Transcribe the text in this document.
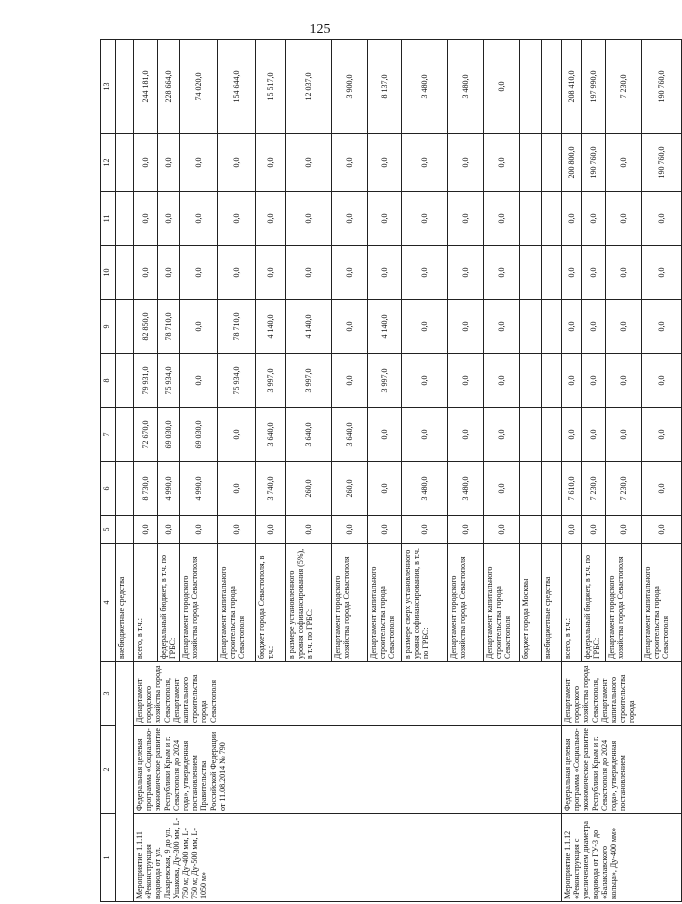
125
1	2	3	4	5	6	7	8	9	10	11	12	13
			внебюджетные средства									
Мероприятие 1.1.11 «Реконструкция водовода от ул. Лазаревская, 9 до ул. Ушакова, Ду-300 мм, L-750 м; Ду-400 мм, L-750 м; Ду-500 мм, L-1050 м»	Федеральная целевая программа «Социально-экономическое развитие Республики Крым и г. Севастополя до 2024 года», утвержденная постановлением Правительства Российской Федерации от 11.08.2014 № 790	Департамент городского хозяйства города Севастополя, Департамент капитального строительства города Севастополя	всего, в т.ч.:	0,0	8 730,0	72 670,0	79 931,0	82 850,0	0,0	0,0	0,0	244 181,0
			федеральный бюджет, в т.ч. по ГРБС:	0,0	4 990,0	69 030,0	75 934,0	78 710,0	0,0	0,0	0,0	228 664,0
			Департамент городского хозяйства города Севастополя	0,0	4 990,0	69 030,0	0,0	0,0	0,0	0,0	0,0	74 020,0
			Департамент капитального строительства города Севастополя	0,0	0,0	0,0	75 934,0	78 710,0	0,0	0,0	0,0	154 644,0
			бюджет города Севастополя, в т.ч.:	0,0	3 740,0	3 640,0	3 997,0	4 140,0	0,0	0,0	0,0	15 517,0
			в размере установленного уровня софинансирования (5%), в т.ч. по ГРБС:	0,0	260,0	3 640,0	3 997,0	4 140,0	0,0	0,0	0,0	12 037,0
			Департамент городского хозяйства города Севастополя	0,0	260,0	3 640,0	0,0	0,0	0,0	0,0	0,0	3 900,0
			Департамент капитального строительства города Севастополя	0,0	0,0	0,0	3 997,0	4 140,0	0,0	0,0	0,0	8 137,0
			в размере сверх установленного уровня софинансирования, в т.ч. по ГРБС:	0,0	3 480,0	0,0	0,0	0,0	0,0	0,0	0,0	3 480,0
			Департамент городского хозяйства города Севастополя	0,0	3 480,0	0,0	0,0	0,0	0,0	0,0	0,0	3 480,0
			Департамент капитального строительства города Севастополя	0,0	0,0	0,0	0,0	0,0	0,0	0,0	0,0	0,0
			бюджет города Москвы									
			внебюджетные средства									
Мероприятие 1.1.12 «Реконструкция с увеличением диаметра водовода от ГУ-3 до «Балаклавского кольца», Ду-400 мм»	Федеральная целевая программа «Социально-экономическое развитие Республики Крым и г. Севастополя до 2024 года», утвержденная постановлением	Департамент городского хозяйства города Севастополя, Департамент капитального строительства города	всего, в т.ч.:	0,0	7 610,0	0,0	0,0	0,0	0,0	0,0	200 800,0	208 410,0
			федеральный бюджет, в т.ч. по ГРБС:	0,0	7 230,0	0,0	0,0	0,0	0,0	0,0	190 760,0	197 990,0
			Департамент городского хозяйства города Севастополя	0,0	7 230,0	0,0	0,0	0,0	0,0	0,0	0,0	7 230,0
			Департамент капитального строительства города Севастополя	0,0	0,0	0,0	0,0	0,0	0,0	0,0	190 760,0	190 760,0
